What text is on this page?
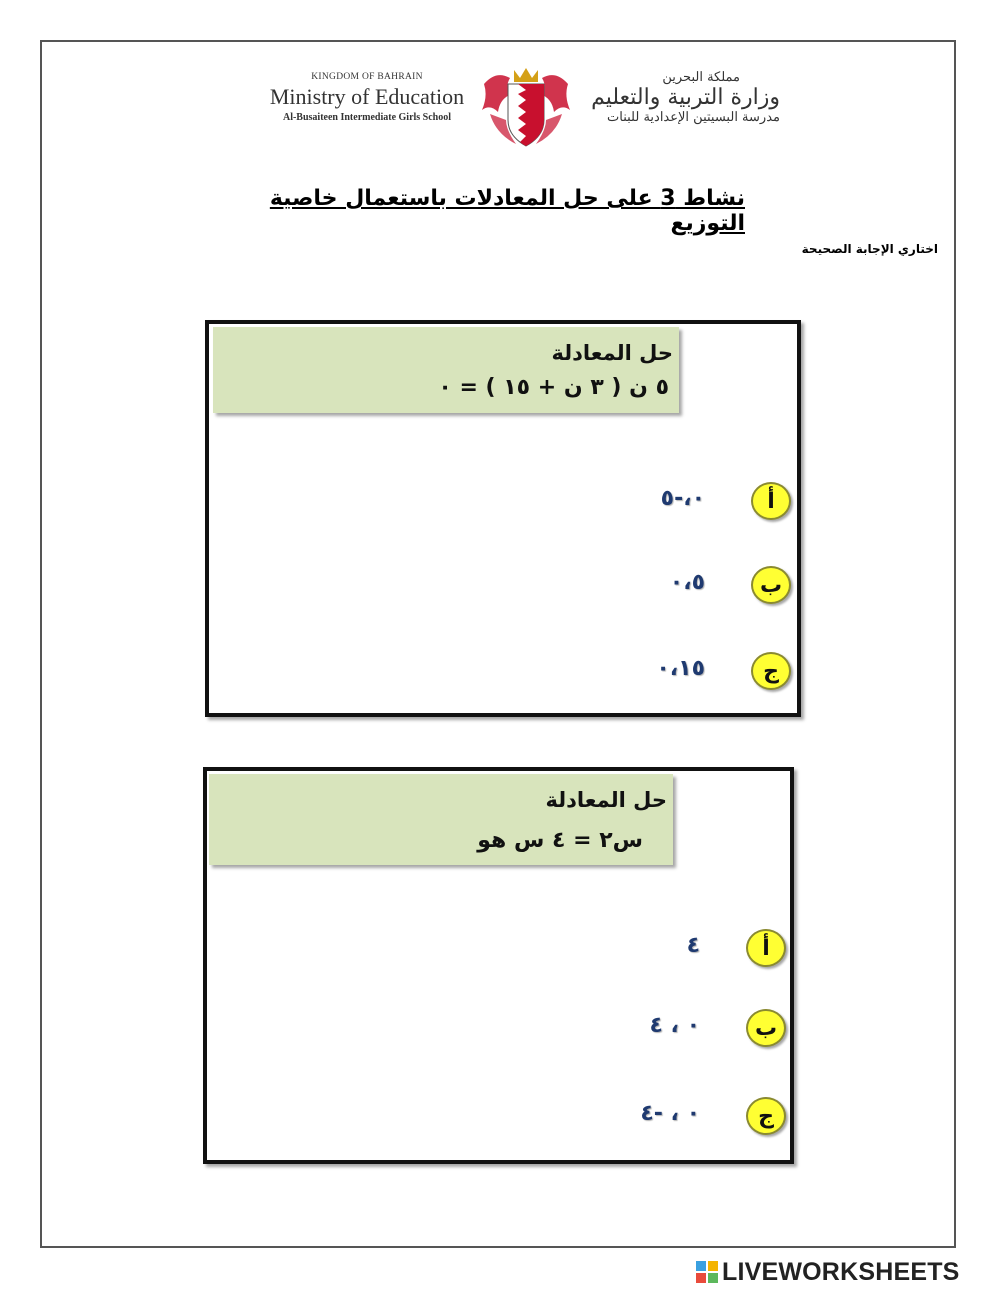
KINGDOM OF BAHRAIN
Ministry of Education
Al-Busaiteen Intermediate Girls School
مملكة البحرين
وزارة التربية والتعليم
مدرسة البسيتين الإعدادية للبنات
نشاط 3 على حل المعادلات باستعمال خاصية التوزيع
اختاري الإجابة الصحيحة
حل المعادلة
٥ ن ( ٣ ن + ١٥ ) = ٠
أ
٠،-٥
ب
٠،٥
ج
٠،١٥
حل المعادلة
س٢ = ٤ س هو
أ
٤
ب
٠ ، ٤
ج
٠ ، -٤
LIVEWORKSHEETS
